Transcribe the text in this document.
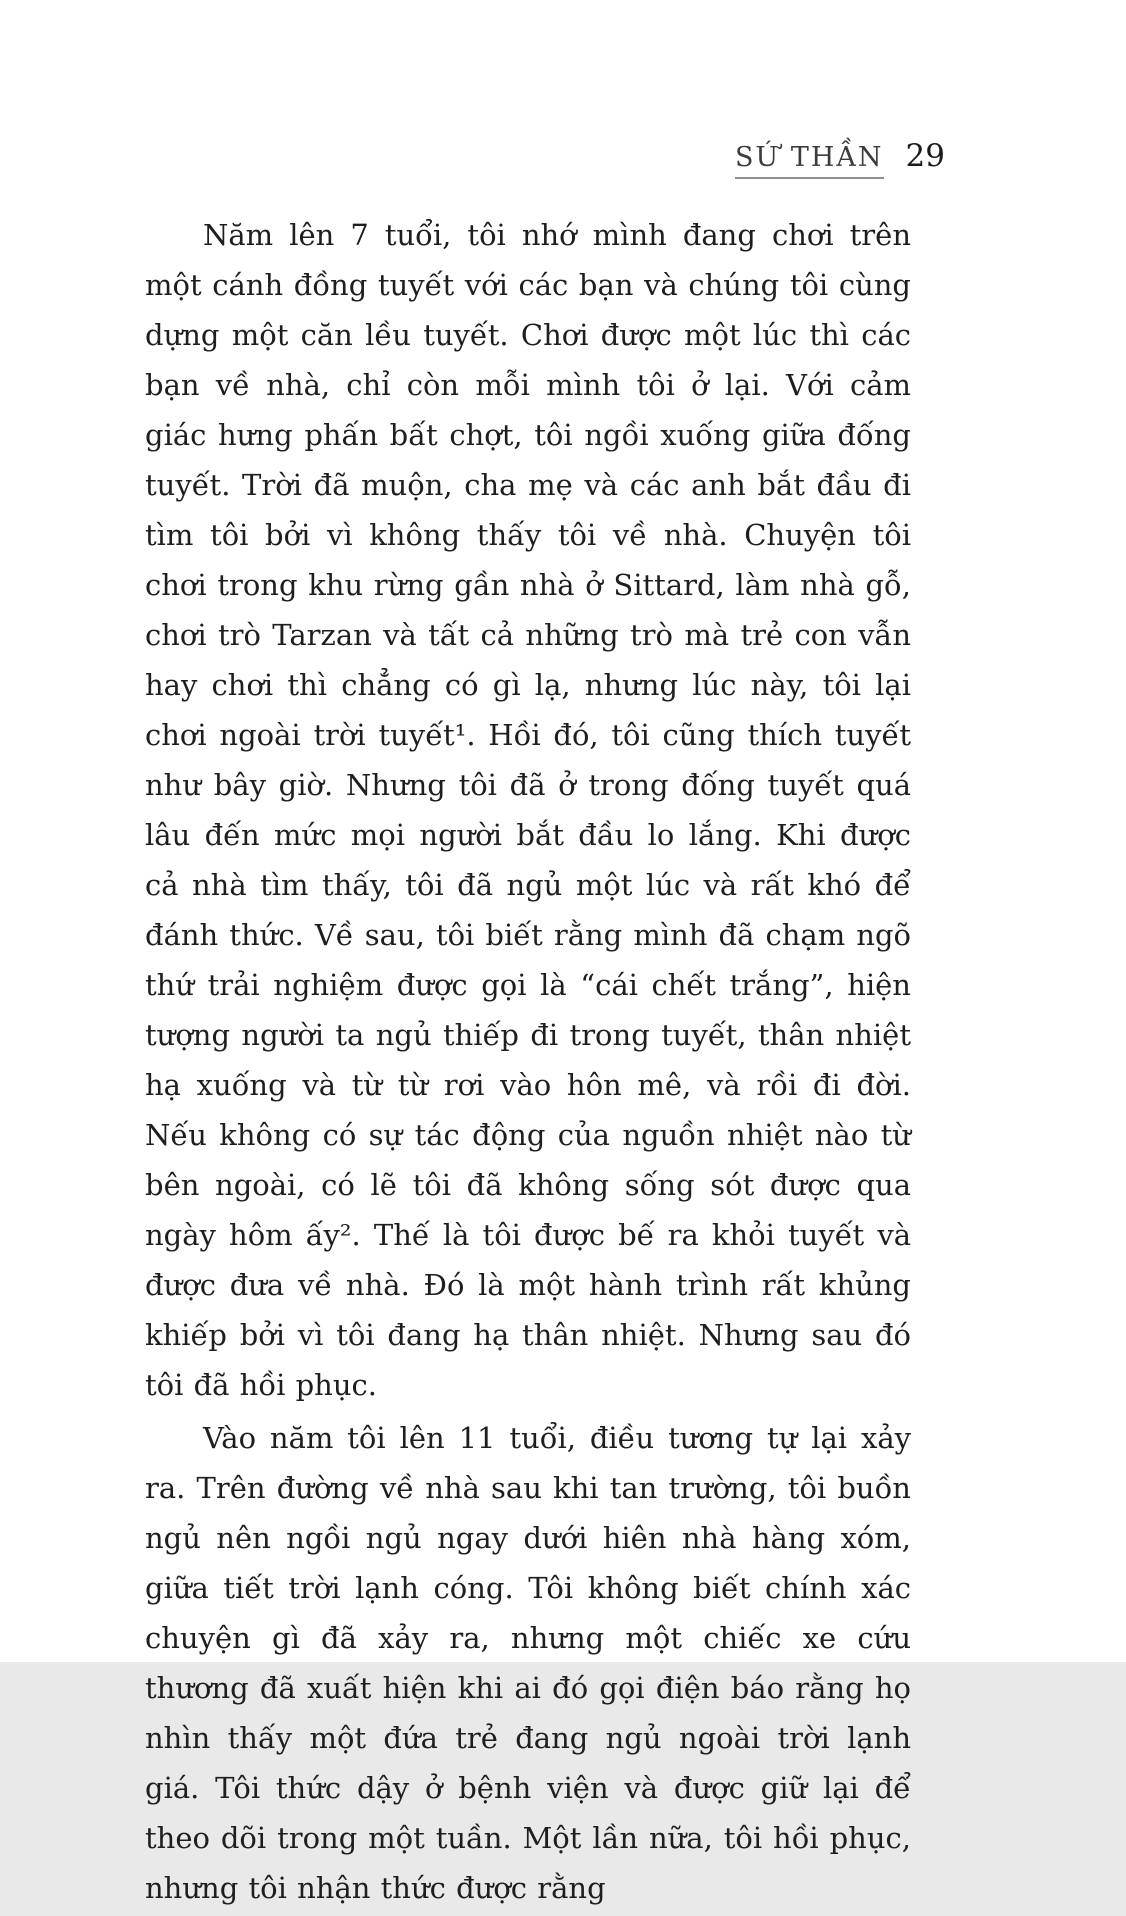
SỨ THẦN 29

Năm lên 7 tuổi, tôi nhớ mình đang chơi trên một cánh đồng tuyết với các bạn và chúng tôi cùng dựng một căn lều tuyết. Chơi được một lúc thì các bạn về nhà, chỉ còn mỗi mình tôi ở lại. Với cảm giác hưng phấn bất chợt, tôi ngồi xuống giữa đống tuyết. Trời đã muộn, cha mẹ và các anh bắt đầu đi tìm tôi bởi vì không thấy tôi về nhà. Chuyện tôi chơi trong khu rừng gần nhà ở Sittard, làm nhà gỗ, chơi trò Tarzan và tất cả những trò mà trẻ con vẫn hay chơi thì chẳng có gì lạ, nhưng lúc này, tôi lại chơi ngoài trời tuyết¹. Hồi đó, tôi cũng thích tuyết như bây giờ. Nhưng tôi đã ở trong đống tuyết quá lâu đến mức mọi người bắt đầu lo lắng. Khi được cả nhà tìm thấy, tôi đã ngủ một lúc và rất khó để đánh thức. Về sau, tôi biết rằng mình đã chạm ngõ thứ trải nghiệm được gọi là “cái chết trắng”, hiện tượng người ta ngủ thiếp đi trong tuyết, thân nhiệt hạ xuống và từ từ rơi vào hôn mê, và rồi đi đời. Nếu không có sự tác động của nguồn nhiệt nào từ bên ngoài, có lẽ tôi đã không sống sót được qua ngày hôm ấy². Thế là tôi được bế ra khỏi tuyết và được đưa về nhà. Đó là một hành trình rất khủng khiếp bởi vì tôi đang hạ thân nhiệt. Nhưng sau đó tôi đã hồi phục.

Vào năm tôi lên 11 tuổi, điều tương tự lại xảy ra. Trên đường về nhà sau khi tan trường, tôi buồn ngủ nên ngồi ngủ ngay dưới hiên nhà hàng xóm, giữa tiết trời lạnh cóng. Tôi không biết chính xác chuyện gì đã xảy ra, nhưng một chiếc xe cứu thương đã xuất hiện khi ai đó gọi điện báo rằng họ nhìn thấy một đứa trẻ đang ngủ ngoài trời lạnh giá. Tôi thức dậy ở bệnh viện và được giữ lại để theo dõi trong một tuần. Một lần nữa, tôi hồi phục, nhưng tôi nhận thức được rằng
